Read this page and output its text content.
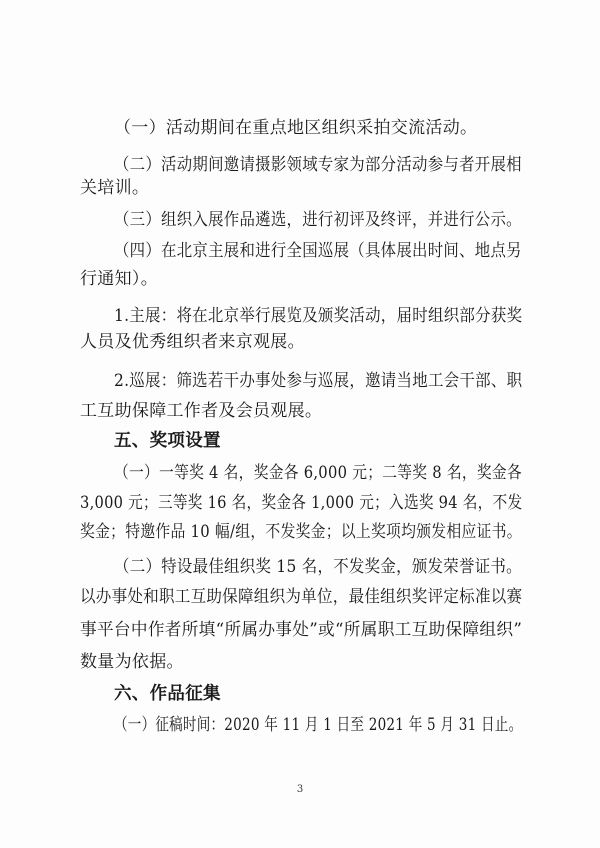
（一）活动期间在重点地区组织采拍交流活动。
（二）活动期间邀请摄影领域专家为部分活动参与者开展相
关培训。
（三）组织入展作品遴选，进行初评及终评，并进行公示。
（四）在北京主展和进行全国巡展（具体展出时间、地点另
行通知）。
1.主展：将在北京举行展览及颁奖活动，届时组织部分获奖
人员及优秀组织者来京观展。
2.巡展：筛选若干办事处参与巡展，邀请当地工会干部、职
工互助保障工作者及会员观展。
五、奖项设置
（一）一等奖 4 名，奖金各 6,000 元；二等奖 8 名，奖金各
3,000 元；三等奖 16 名，奖金各 1,000 元；入选奖 94 名，不发
奖金；特邀作品 10 幅/组，不发奖金；以上奖项均颁发相应证书。
（二）特设最佳组织奖 15 名，不发奖金，颁发荣誉证书。
以办事处和职工互助保障组织为单位，最佳组织奖评定标准以赛
事平台中作者所填“所属办事处”或“所属职工互助保障组织”
数量为依据。
六、作品征集
（一）征稿时间：2020 年 11 月 1 日至 2021 年 5 月 31 日止。
3
